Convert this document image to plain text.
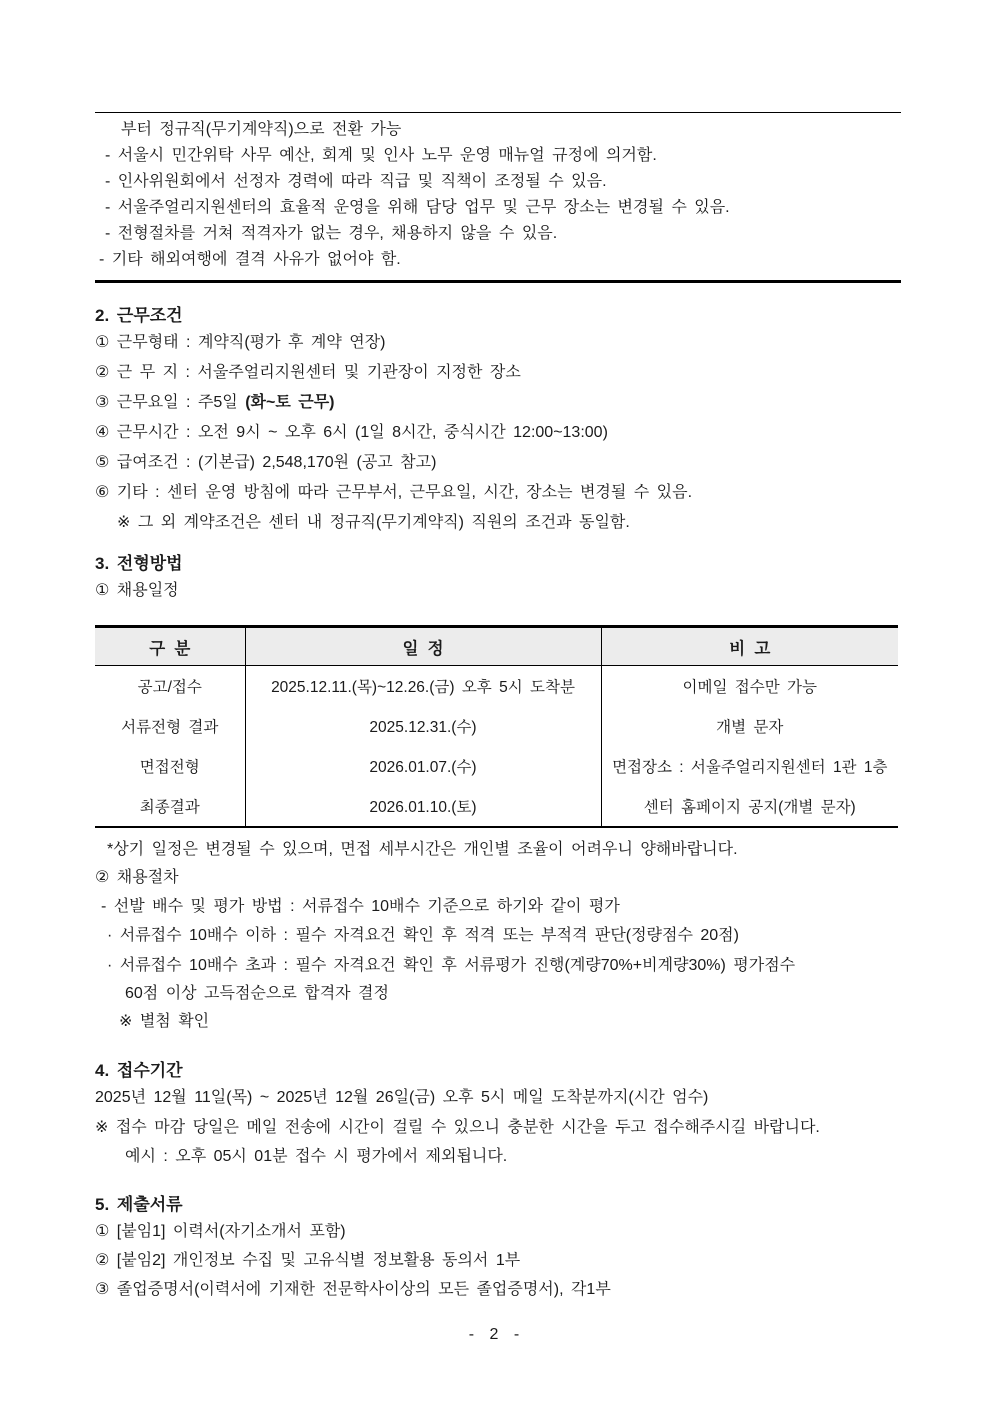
부터 정규직(무기계약직)으로 전환 가능
- 서울시 민간위탁 사무 예산, 회계 및 인사 노무 운영 매뉴얼 규정에 의거함.
- 인사위원회에서 선정자 경력에 따라 직급 및 직책이 조정될 수 있음.
- 서울주얼리지원센터의 효율적 운영을 위해 담당 업무 및 근무 장소는 변경될 수 있음.
- 전형절차를 거쳐 적격자가 없는 경우, 채용하지 않을 수 있음.
- 기타 해외여행에 결격 사유가 없어야 함.
2. 근무조건
① 근무형태 : 계약직(평가 후 계약 연장)
② 근 무 지 : 서울주얼리지원센터 및 기관장이 지정한 장소
③ 근무요일 : 주5일 (화~토 근무)
④ 근무시간 : 오전 9시 ~ 오후 6시 (1일 8시간, 중식시간 12:00~13:00)
⑤ 급여조건 : (기본급) 2,548,170원 (공고 참고)
⑥ 기타 : 센터 운영 방침에 따라 근무부서, 근무요일, 시간, 장소는 변경될 수 있음.
※ 그 외 계약조건은 센터 내 정규직(무기계약직) 직원의 조건과 동일함.
3. 전형방법
① 채용일정
구  분	일  정	비  고
공고/접수	2025.12.11.(목)~12.26.(금) 오후 5시 도착분	이메일 접수만 가능
서류전형 결과	2025.12.31.(수)	개별 문자
면접전형	2026.01.07.(수)	면접장소 : 서울주얼리지원센터 1관 1층
최종결과	2026.01.10.(토)	센터 홈페이지 공지(개별 문자)
*상기 일정은 변경될 수 있으며, 면접 세부시간은 개인별 조율이 어려우니 양해바랍니다.
② 채용절차
- 선발 배수 및 평가 방법 : 서류접수 10배수 기준으로 하기와 같이 평가
· 서류접수 10배수 이하 : 필수 자격요건 확인 후 적격 또는 부적격 판단(정량점수 20점)
· 서류접수 10배수 초과 : 필수 자격요건 확인 후 서류평가 진행(계량70%+비계량30%) 평가점수
60점 이상 고득점순으로 합격자 결정
※ 별첨 확인
4. 접수기간
2025년 12월 11일(목) ~ 2025년 12월 26일(금) 오후 5시 메일 도착분까지(시간 엄수)
※ 접수 마감 당일은 메일 전송에 시간이 걸릴 수 있으니 충분한 시간을 두고 접수해주시길 바랍니다.
예시 : 오후 05시 01분 접수 시 평가에서 제외됩니다.
5. 제출서류
① [붙임1] 이력서(자기소개서 포함)
② [붙임2] 개인정보 수집 및 고유식별 정보활용 동의서 1부
③ 졸업증명서(이력서에 기재한 전문학사이상의 모든 졸업증명서), 각1부
- 2 -
